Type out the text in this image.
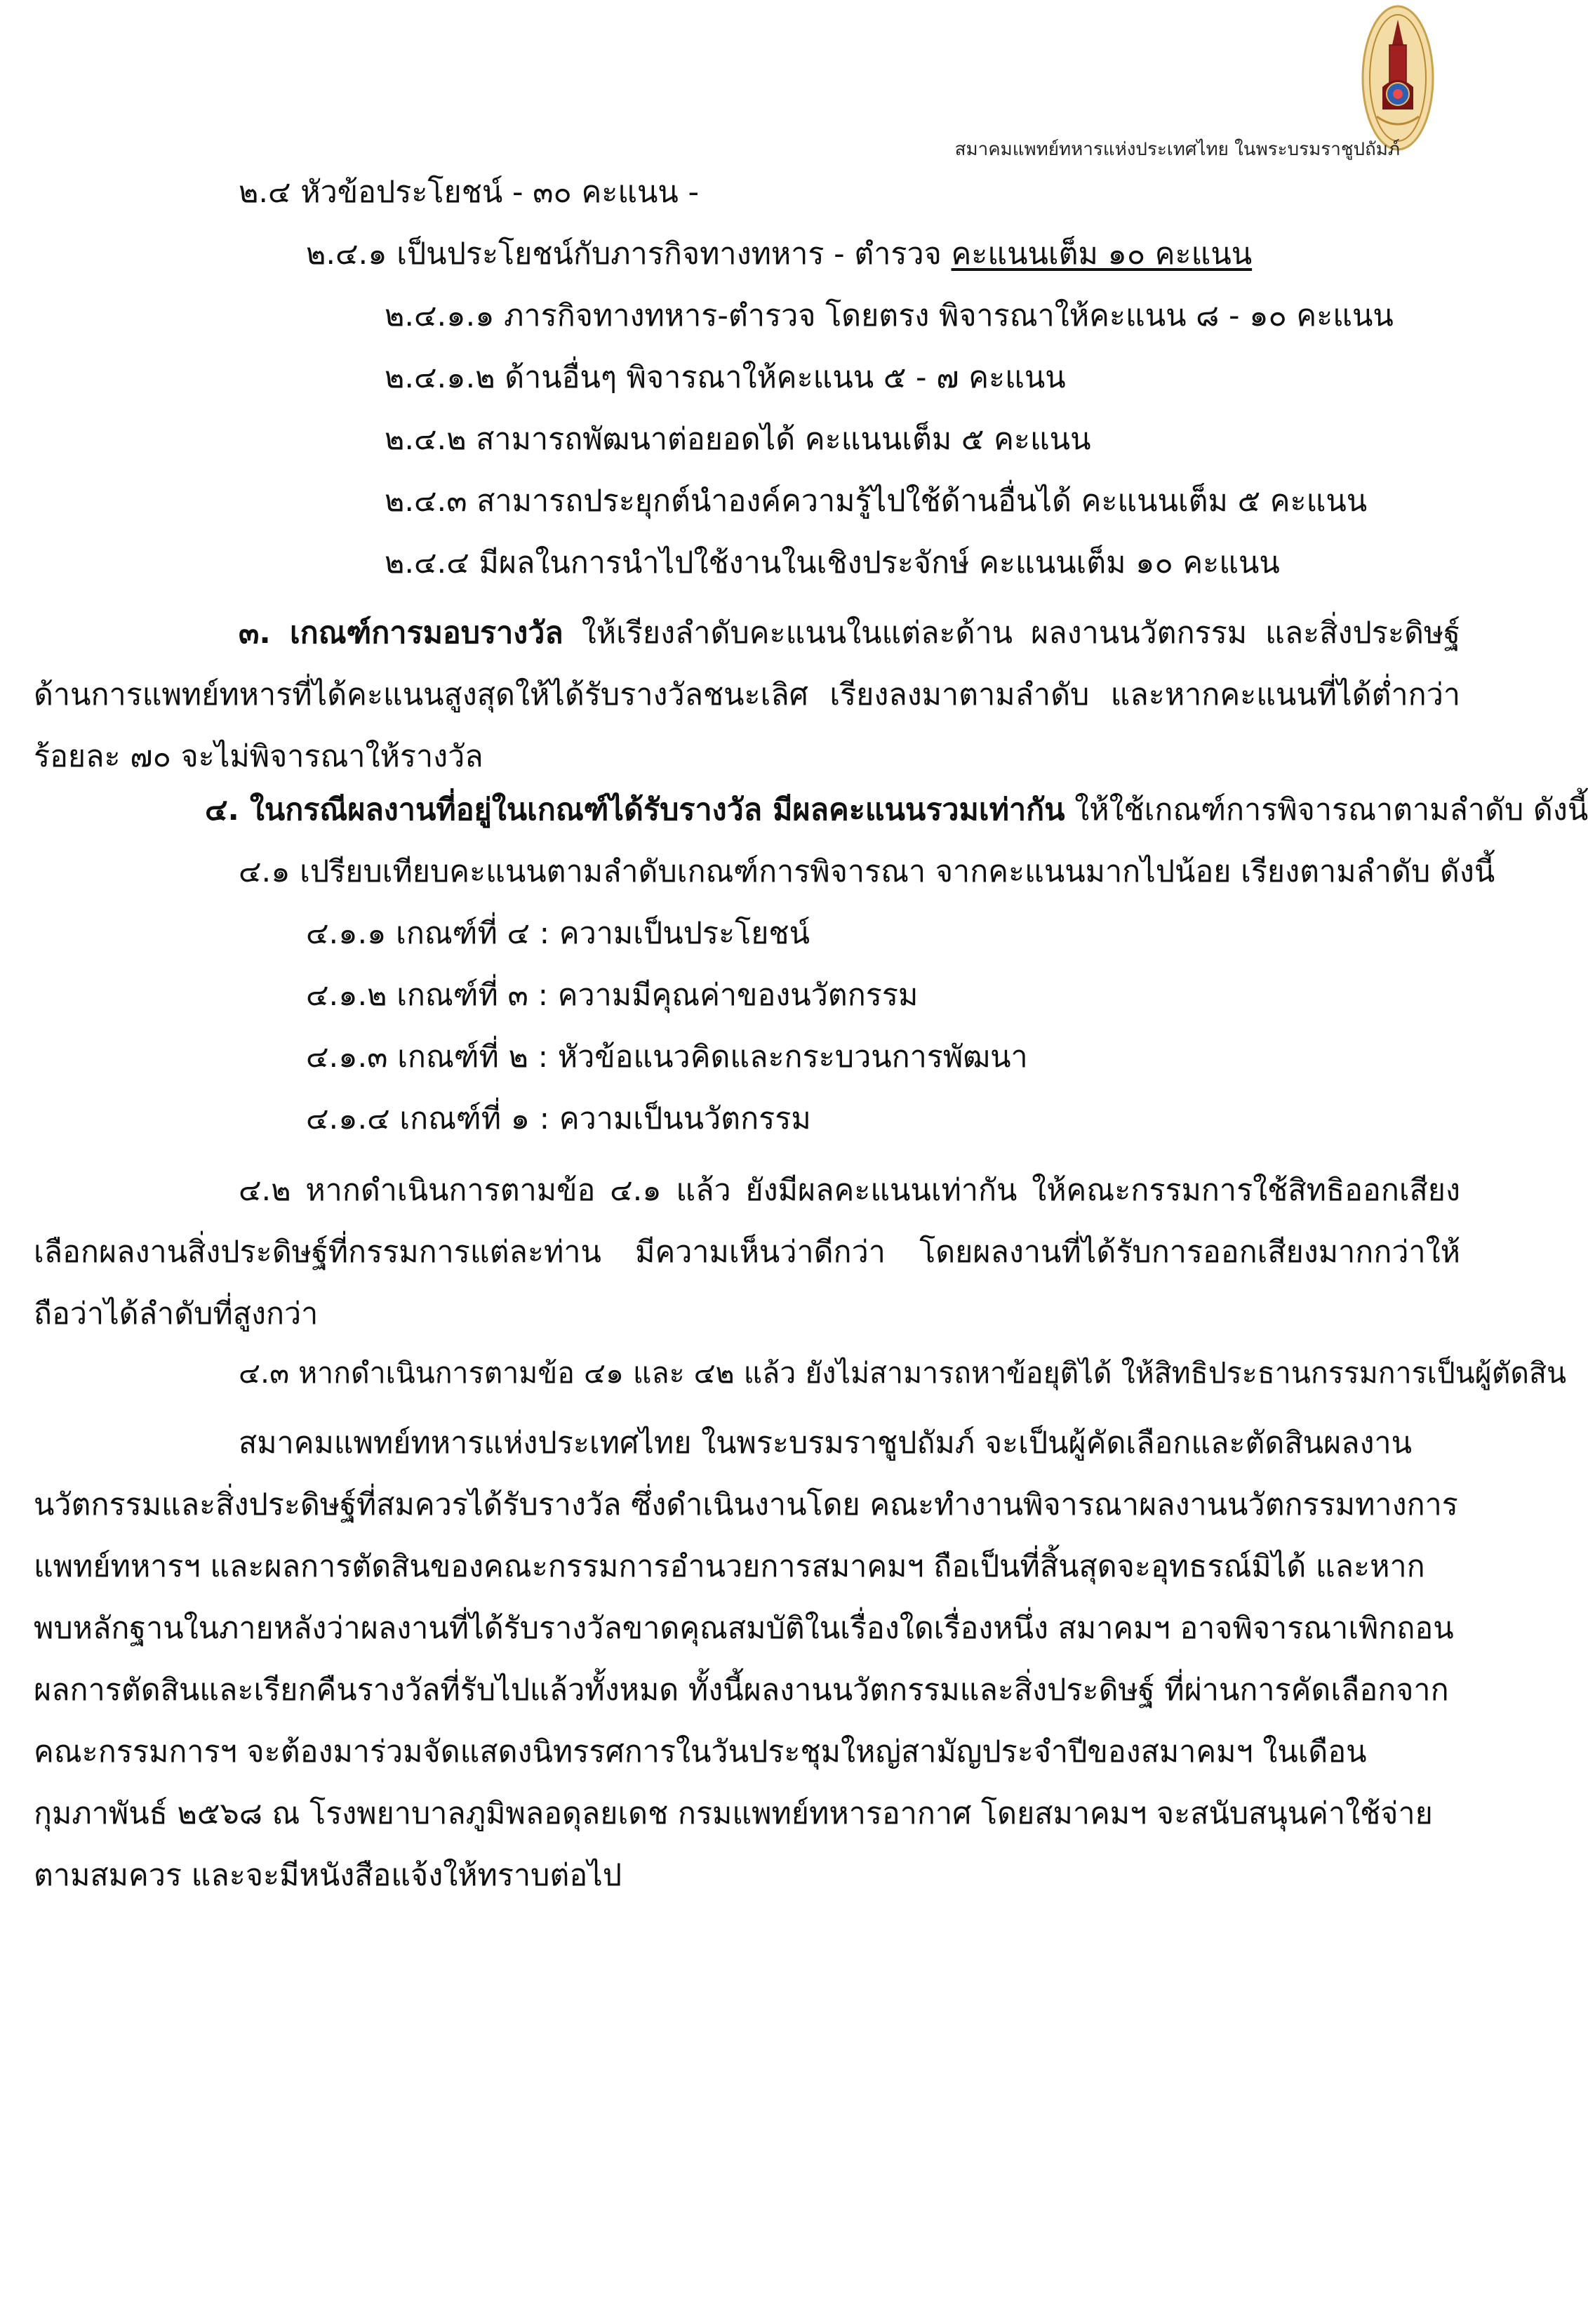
สมาคมแพทย์ทหารแห่งประเทศไทย ในพระบรมราชูปถัมภ์
๒.๔ หัวข้อประโยชน์ - ๓๐ คะแนน -
๒.๔.๑ เป็นประโยชน์กับภารกิจทางทหาร - ตำรวจ คะแนนเต็ม ๑๐ คะแนน
๒.๔.๑.๑ ภารกิจทางทหาร-ตำรวจ โดยตรง พิจารณาให้คะแนน ๘ - ๑๐ คะแนน
๒.๔.๑.๒ ด้านอื่นๆ พิจารณาให้คะแนน ๕ - ๗ คะแนน
๒.๔.๒ สามารถพัฒนาต่อยอดได้ คะแนนเต็ม ๕ คะแนน
๒.๔.๓ สามารถประยุกต์นำองค์ความรู้ไปใช้ด้านอื่นได้ คะแนนเต็ม ๕ คะแนน
๒.๔.๔ มีผลในการนำไปใช้งานในเชิงประจักษ์ คะแนนเต็ม ๑๐ คะแนน
๓. เกณฑ์การมอบรางวัล ให้เรียงลำดับคะแนนในแต่ละด้าน ผลงานนวัตกรรม และสิ่งประดิษฐ์ด้านการแพทย์ทหารที่ได้คะแนนสูงสุดให้ได้รับรางวัลชนะเลิศ เรียงลงมาตามลำดับ และหากคะแนนที่ได้ต่ำกว่า ร้อยละ ๗๐ จะไม่พิจารณาให้รางวัล
๔. ในกรณีผลงานที่อยู่ในเกณฑ์ได้รับรางวัล มีผลคะแนนรวมเท่ากัน ให้ใช้เกณฑ์การพิจารณาตามลำดับ ดังนี้
๔.๑ เปรียบเทียบคะแนนตามลำดับเกณฑ์การพิจารณา จากคะแนนมากไปน้อย เรียงตามลำดับ ดังนี้
๔.๑.๑ เกณฑ์ที่ ๔ : ความเป็นประโยชน์
๔.๑.๒ เกณฑ์ที่ ๓ : ความมีคุณค่าของนวัตกรรม
๔.๑.๓ เกณฑ์ที่ ๒ : หัวข้อแนวคิดและกระบวนการพัฒนา
๔.๑.๔ เกณฑ์ที่ ๑ : ความเป็นนวัตกรรม
๔.๒ หากดำเนินการตามข้อ ๔.๑ แล้ว ยังมีผลคะแนนเท่ากัน ให้คณะกรรมการใช้สิทธิออกเสียงเลือกผลงานสิ่งประดิษฐ์ที่กรรมการแต่ละท่าน มีความเห็นว่าดีกว่า โดยผลงานที่ได้รับการออกเสียงมากกว่าให้ถือว่าได้ลำดับที่สูงกว่า
๔.๓ หากดำเนินการตามข้อ ๔๑ และ ๔๒ แล้ว ยังไม่สามารถหาข้อยุติได้ ให้สิทธิประธานกรรมการเป็นผู้ตัดสิน
สมาคมแพทย์ทหารแห่งประเทศไทย ในพระบรมราชูปถัมภ์ จะเป็นผู้คัดเลือกและตัดสินผลงานนวัตกรรมและสิ่งประดิษฐ์ที่สมควรได้รับรางวัล ซึ่งดำเนินงานโดย คณะทำงานพิจารณาผลงานนวัตกรรมทางการแพทย์ทหารฯ และผลการตัดสินของคณะกรรมการอำนวยการสมาคมฯ ถือเป็นที่สิ้นสุดจะอุทธรณ์มิได้ และหากพบหลักฐานในภายหลังว่าผลงานที่ได้รับรางวัลขาดคุณสมบัติในเรื่องใดเรื่องหนึ่ง สมาคมฯ อาจพิจารณาเพิกถอนผลการตัดสินและเรียกคืนรางวัลที่รับไปแล้วทั้งหมด ทั้งนี้ผลงานนวัตกรรมและสิ่งประดิษฐ์ ที่ผ่านการคัดเลือกจากคณะกรรมการฯ จะต้องมาร่วมจัดแสดงนิทรรศการในวันประชุมใหญ่สามัญประจำปีของสมาคมฯ ในเดือนกุมภาพันธ์ ๒๕๖๘ ณ โรงพยาบาลภูมิพลอดุลยเดช กรมแพทย์ทหารอากาศ โดยสมาคมฯ จะสนับสนุนค่าใช้จ่ายตามสมควร และจะมีหนังสือแจ้งให้ทราบต่อไป
